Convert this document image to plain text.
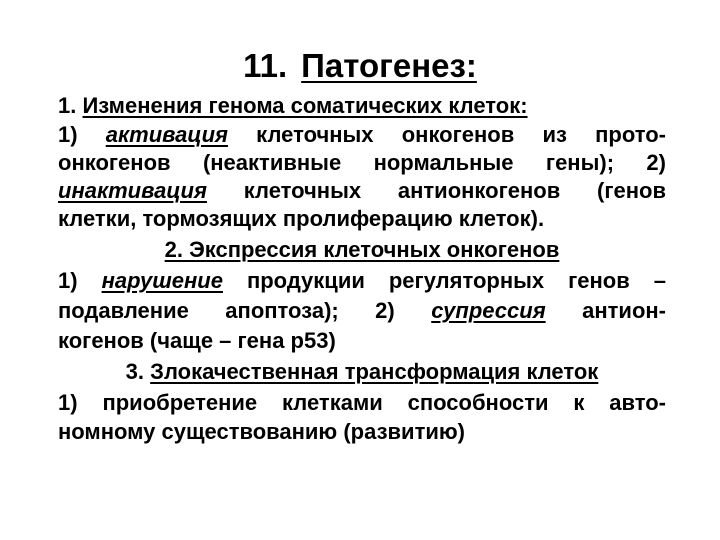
11. Патогенез:
1. Изменения генома соматических клеток:
1) активация клеточных онкогенов из прото-
онкогенов (неактивные нормальные гены); 2)
инактивация клеточных антионкогенов (генов
клетки, тормозящих пролиферацию клеток).
2. Экспрессия клеточных онкогенов
1) нарушение продукции регуляторных генов –
подавление апоптоза); 2) супрессия антион-
когенов (чаще – гена р53)
3. Злокачественная трансформация клеток
1) приобретение клетками способности к авто-
номному существованию (развитию)
